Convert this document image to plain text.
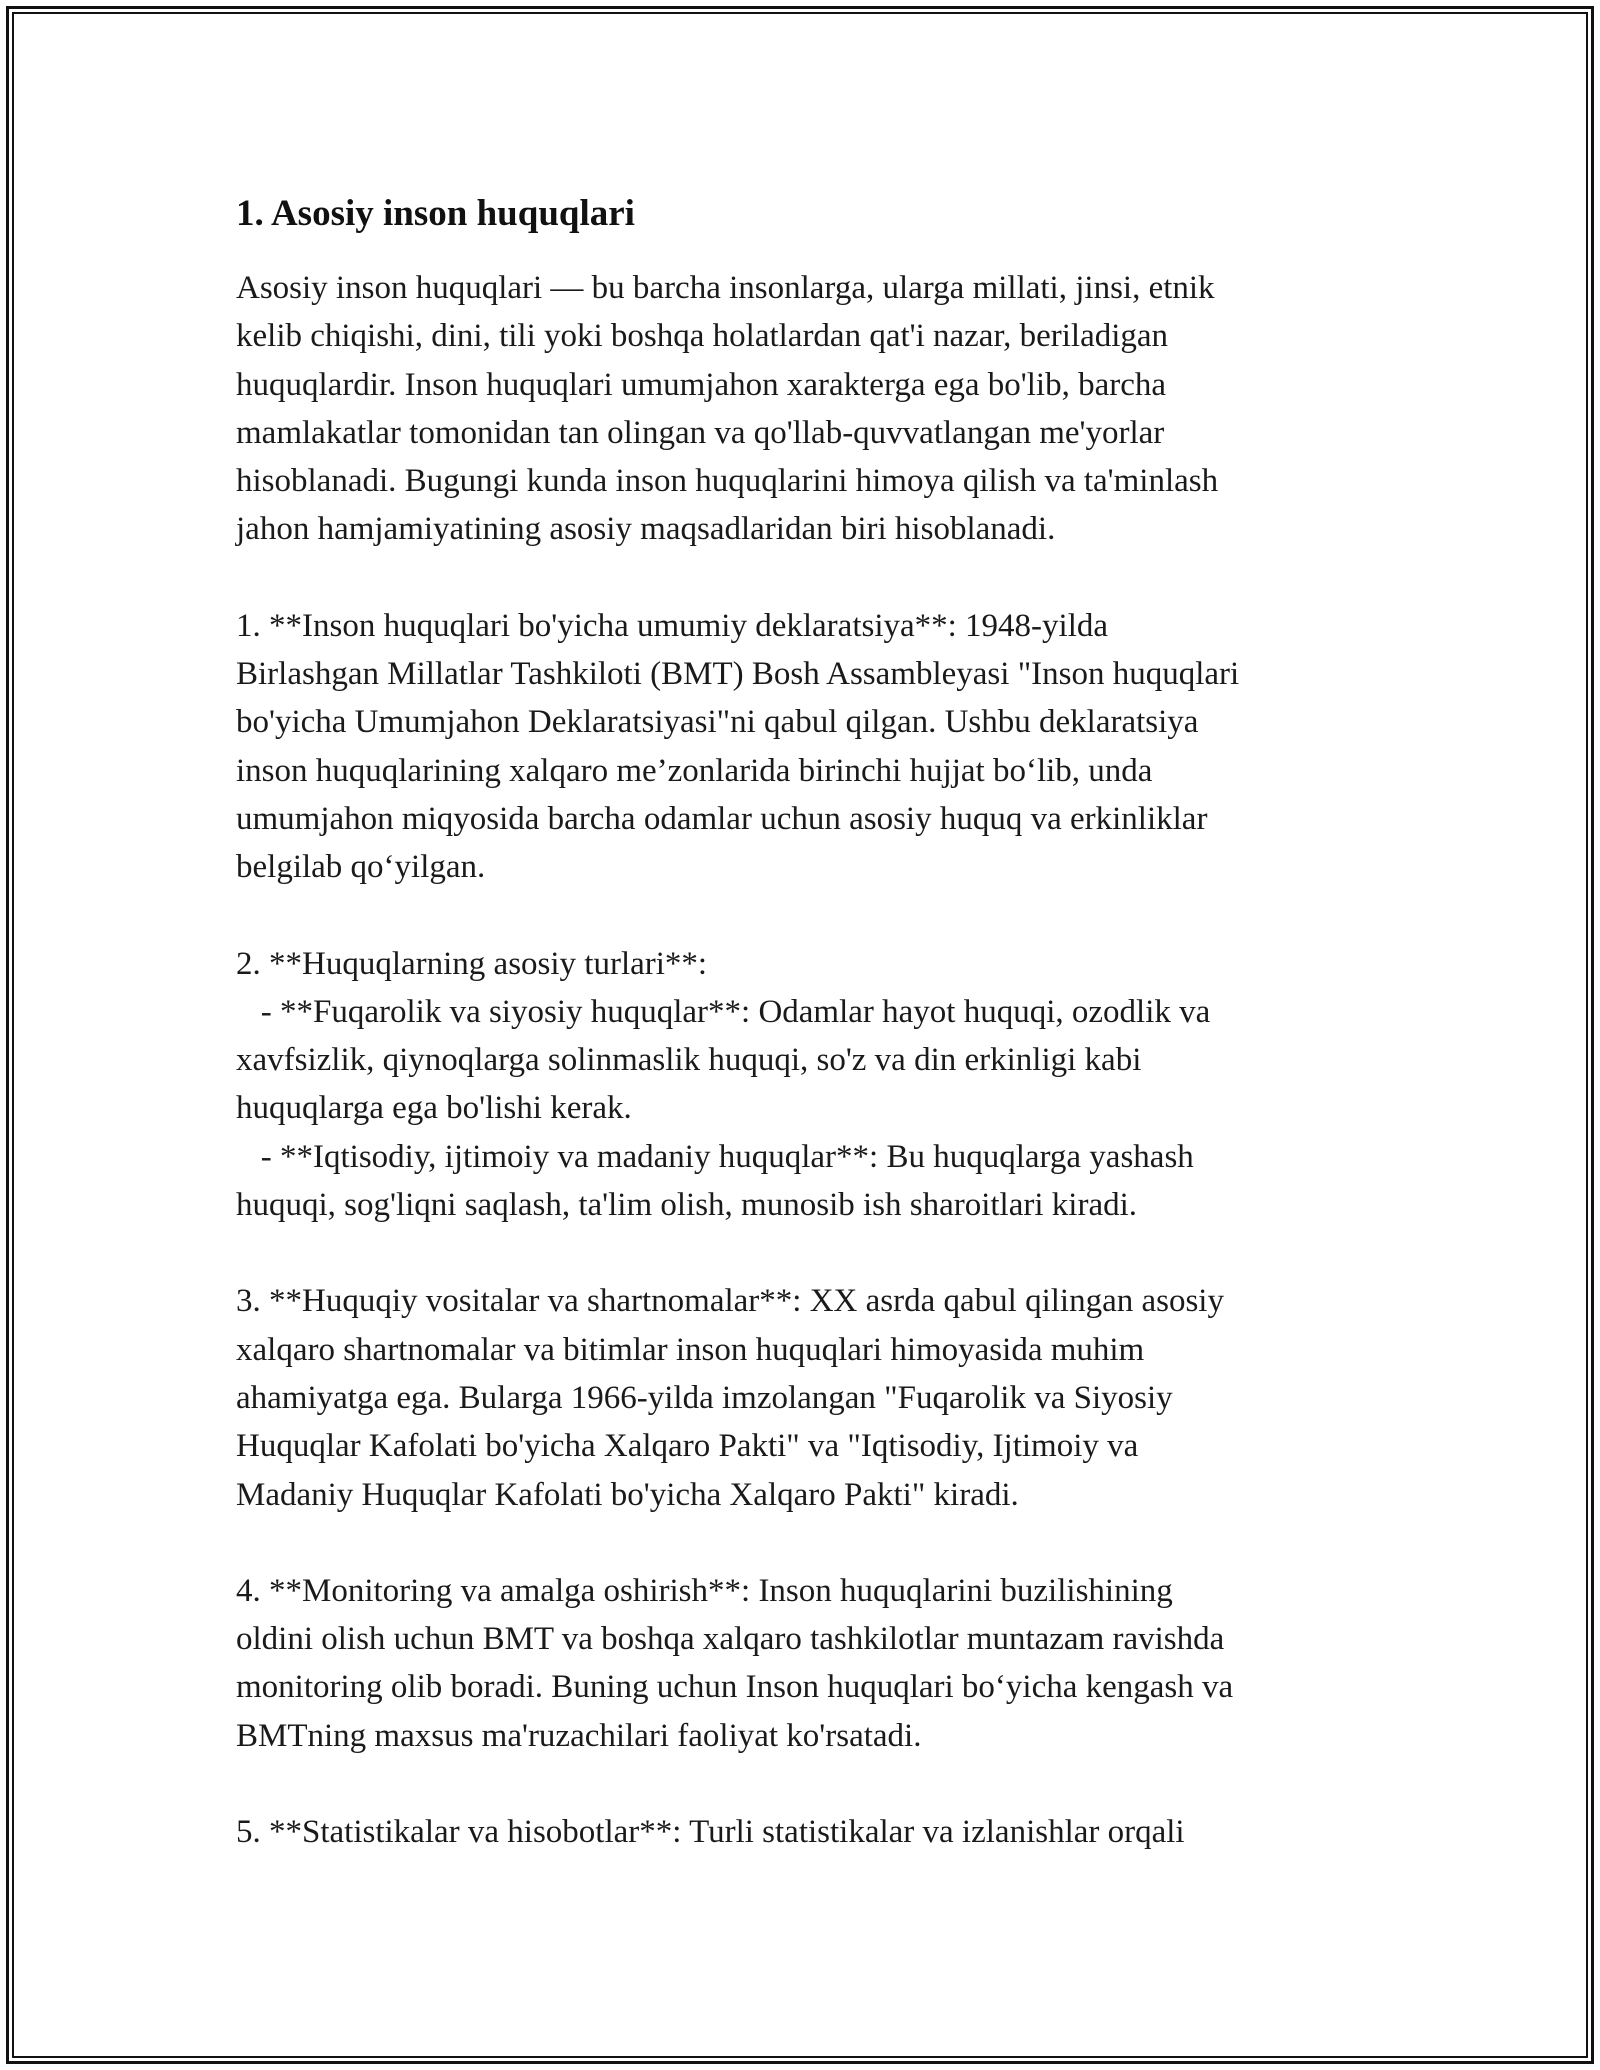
1. Asosiy inson huquqlari

Asosiy inson huquqlari — bu barcha insonlarga, ularga millati, jinsi, etnik
kelib chiqishi, dini, tili yoki boshqa holatlardan qat'i nazar, beriladigan
huquqlardir. Inson huquqlari umumjahon xarakterga ega bo'lib, barcha
mamlakatlar tomonidan tan olingan va qo'llab-quvvatlangan me'yorlar
hisoblanadi. Bugungi kunda inson huquqlarini himoya qilish va ta'minlash
jahon hamjamiyatining asosiy maqsadlaridan biri hisoblanadi.

1. **Inson huquqlari bo'yicha umumiy deklaratsiya**: 1948-yilda
Birlashgan Millatlar Tashkiloti (BMT) Bosh Assambleyasi "Inson huquqlari
bo'yicha Umumjahon Deklaratsiyasi"ni qabul qilgan. Ushbu deklaratsiya
inson huquqlarining xalqaro me’zonlarida birinchi hujjat bo‘lib, unda
umumjahon miqyosida barcha odamlar uchun asosiy huquq va erkinliklar
belgilab qo‘yilgan.

2. **Huquqlarning asosiy turlari**:
- **Fuqarolik va siyosiy huquqlar**: Odamlar hayot huquqi, ozodlik va
xavfsizlik, qiynoqlarga solinmaslik huquqi, so'z va din erkinligi kabi
huquqlarga ega bo'lishi kerak.
- **Iqtisodiy, ijtimoiy va madaniy huquqlar**: Bu huquqlarga yashash
huquqi, sog'liqni saqlash, ta'lim olish, munosib ish sharoitlari kiradi.

3. **Huquqiy vositalar va shartnomalar**: XX asrda qabul qilingan asosiy
xalqaro shartnomalar va bitimlar inson huquqlari himoyasida muhim
ahamiyatga ega. Bularga 1966-yilda imzolangan "Fuqarolik va Siyosiy
Huquqlar Kafolati bo'yicha Xalqaro Pakti" va "Iqtisodiy, Ijtimoiy va
Madaniy Huquqlar Kafolati bo'yicha Xalqaro Pakti" kiradi.

4. **Monitoring va amalga oshirish**: Inson huquqlarini buzilishining
oldini olish uchun BMT va boshqa xalqaro tashkilotlar muntazam ravishda
monitoring olib boradi. Buning uchun Inson huquqlari bo‘yicha kengash va
BMTning maxsus ma'ruzachilari faoliyat ko'rsatadi.

5. **Statistikalar va hisobotlar**: Turli statistikalar va izlanishlar orqali
